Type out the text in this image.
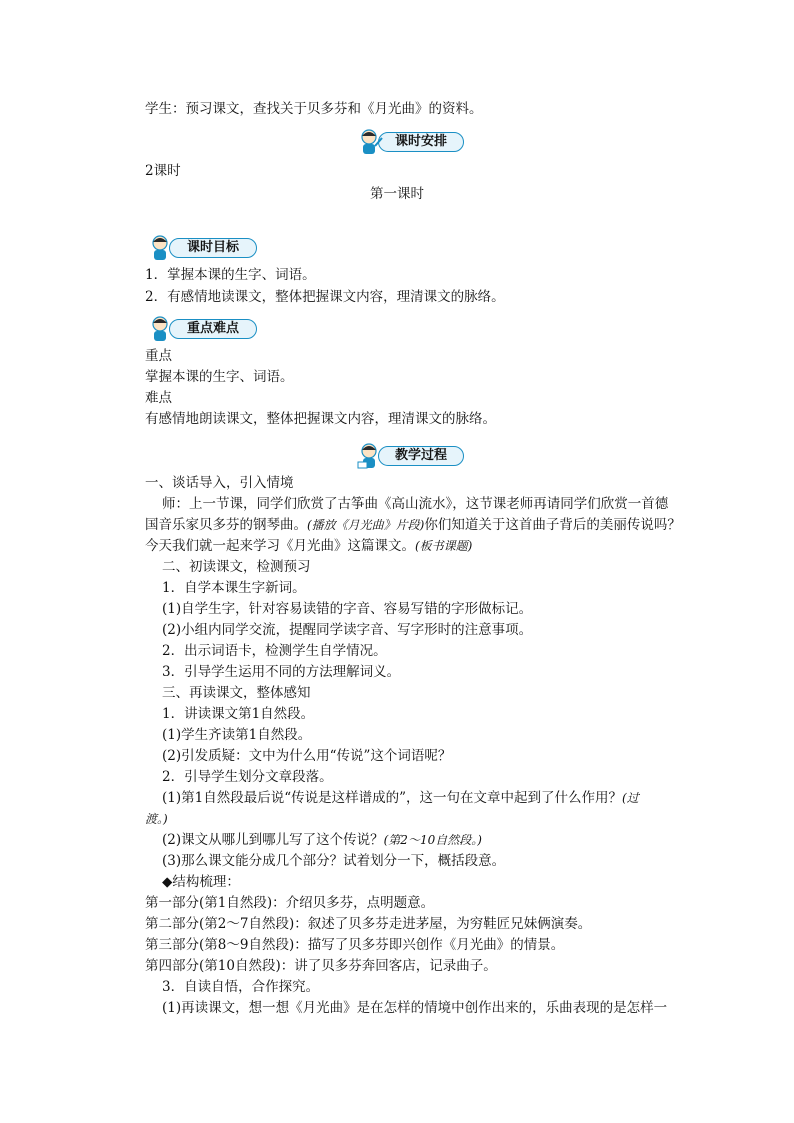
学生：预习课文，查找关于贝多芬和《月光曲》的资料。
课时安排
2课时
第一课时
课时目标
1．掌握本课的生字、词语。
2．有感情地读课文，整体把握课文内容，理清课文的脉络。
重点难点
重点
掌握本课的生字、词语。
难点
有感情地朗读课文，整体把握课文内容，理清课文的脉络。
教学过程
一、谈话导入，引入情境
师：上一节课，同学们欣赏了古筝曲《高山流水》，这节课老师再请同学们欣赏一首德
国音乐家贝多芬的钢琴曲。(播放《月光曲》片段)你们知道关于这首曲子背后的美丽传说吗？
今天我们就一起来学习《月光曲》这篇课文。(板书课题)
二、初读课文，检测预习
1．自学本课生字新词。
(1)自学生字，针对容易读错的字音、容易写错的字形做标记。
(2)小组内同学交流，提醒同学读字音、写字形时的注意事项。
2．出示词语卡，检测学生自学情况。
3．引导学生运用不同的方法理解词义。
三、再读课文，整体感知
1．讲读课文第1自然段。
(1)学生齐读第1自然段。
(2)引发质疑：文中为什么用“传说”这个词语呢？
2．引导学生划分文章段落。
(1)第1自然段最后说“传说是这样谱成的”，这一句在文章中起到了什么作用？(过
渡。)
(2)课文从哪儿到哪儿写了这个传说？(第2～10自然段。)
(3)那么课文能分成几个部分？试着划分一下，概括段意。
◆结构梳理：
第一部分(第1自然段)：介绍贝多芬，点明题意。
第二部分(第2～7自然段)：叙述了贝多芬走进茅屋，为穷鞋匠兄妹俩演奏。
第三部分(第8～9自然段)：描写了贝多芬即兴创作《月光曲》的情景。
第四部分(第10自然段)：讲了贝多芬奔回客店，记录曲子。
3．自读自悟，合作探究。
(1)再读课文，想一想《月光曲》是在怎样的情境中创作出来的，乐曲表现的是怎样一
